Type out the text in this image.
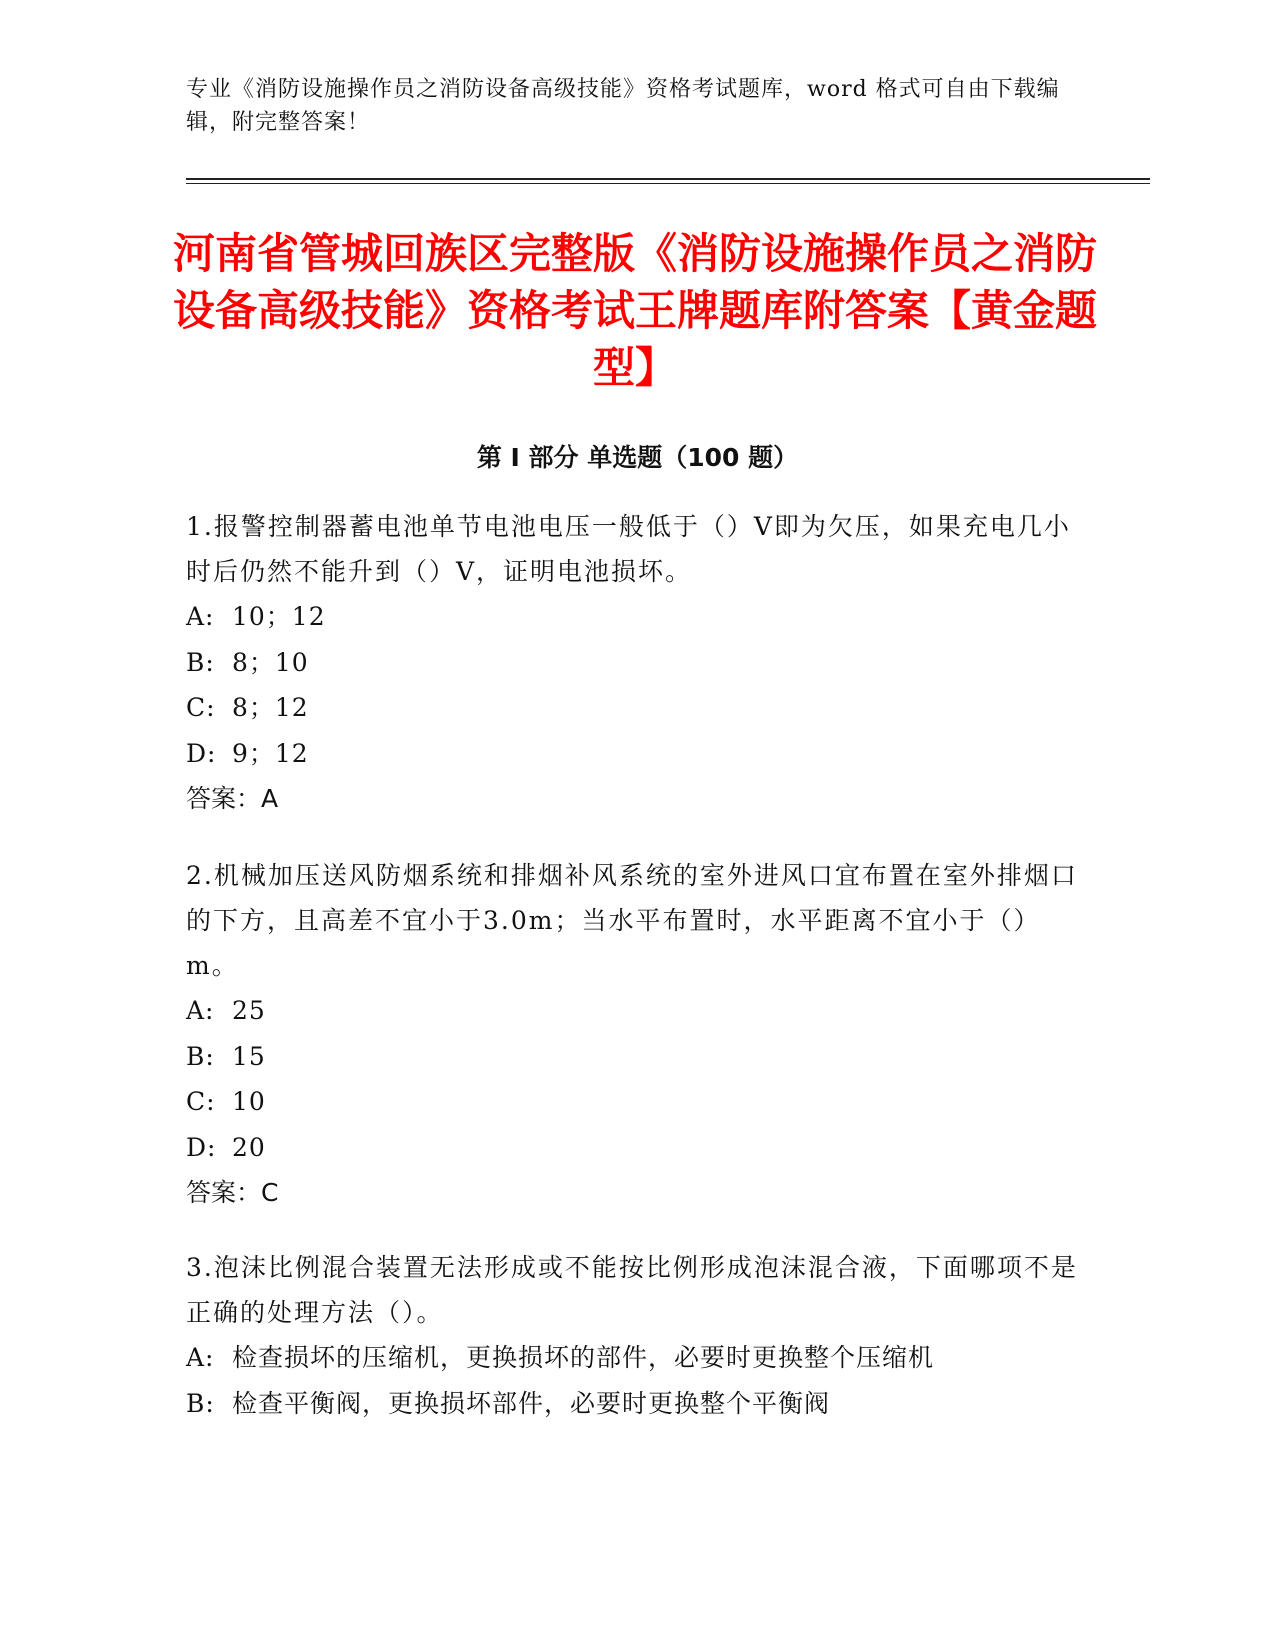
专业《消防设施操作员之消防设备高级技能》资格考试题库，word 格式可自由下载编辑，附完整答案！
河南省管城回族区完整版《消防设施操作员之消防设备高级技能》资格考试王牌题库附答案【黄金题型】
第 I 部分 单选题（100 题）
1.报警控制器蓄电池单节电池电压一般低于（）V即为欠压，如果充电几小时后仍然不能升到（）V，证明电池损坏。
A: 10；12
B: 8；10
C: 8；12
D: 9；12
答案：A
2.机械加压送风防烟系统和排烟补风系统的室外进风口宜布置在室外排烟口的下方，且高差不宜小于3.0m；当水平布置时，水平距离不宜小于（）m。
A: 25
B: 15
C: 10
D: 20
答案：C
3.泡沫比例混合装置无法形成或不能按比例形成泡沫混合液，下面哪项不是正确的处理方法（）。
A: 检查损坏的压缩机，更换损坏的部件，必要时更换整个压缩机
B: 检查平衡阀，更换损坏部件，必要时更换整个平衡阀
